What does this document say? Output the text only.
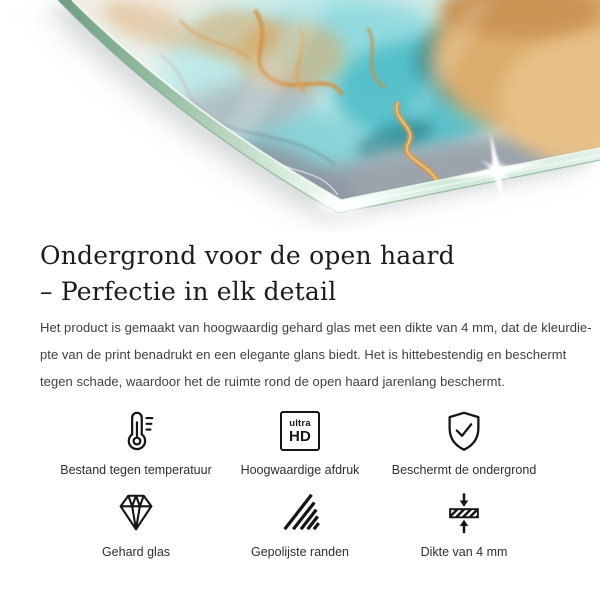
Ondergrond voor de open haard
– Perfectie in elk detail

Het product is gemaakt van hoogwaardig gehard glas met een dikte van 4 mm, dat de kleurdie-
pte van de print benadrukt en een elegante glans biedt. Het is hittebestendig en beschermt
tegen schade, waardoor het de ruimte rond de open haard jarenlang beschermt.

Bestand tegen temperatuur
ultra
HD
Hoogwaardige afdruk	Beschermt de ondergrond
Gehard glas	Gepolijste randen	Dikte van 4 mm
